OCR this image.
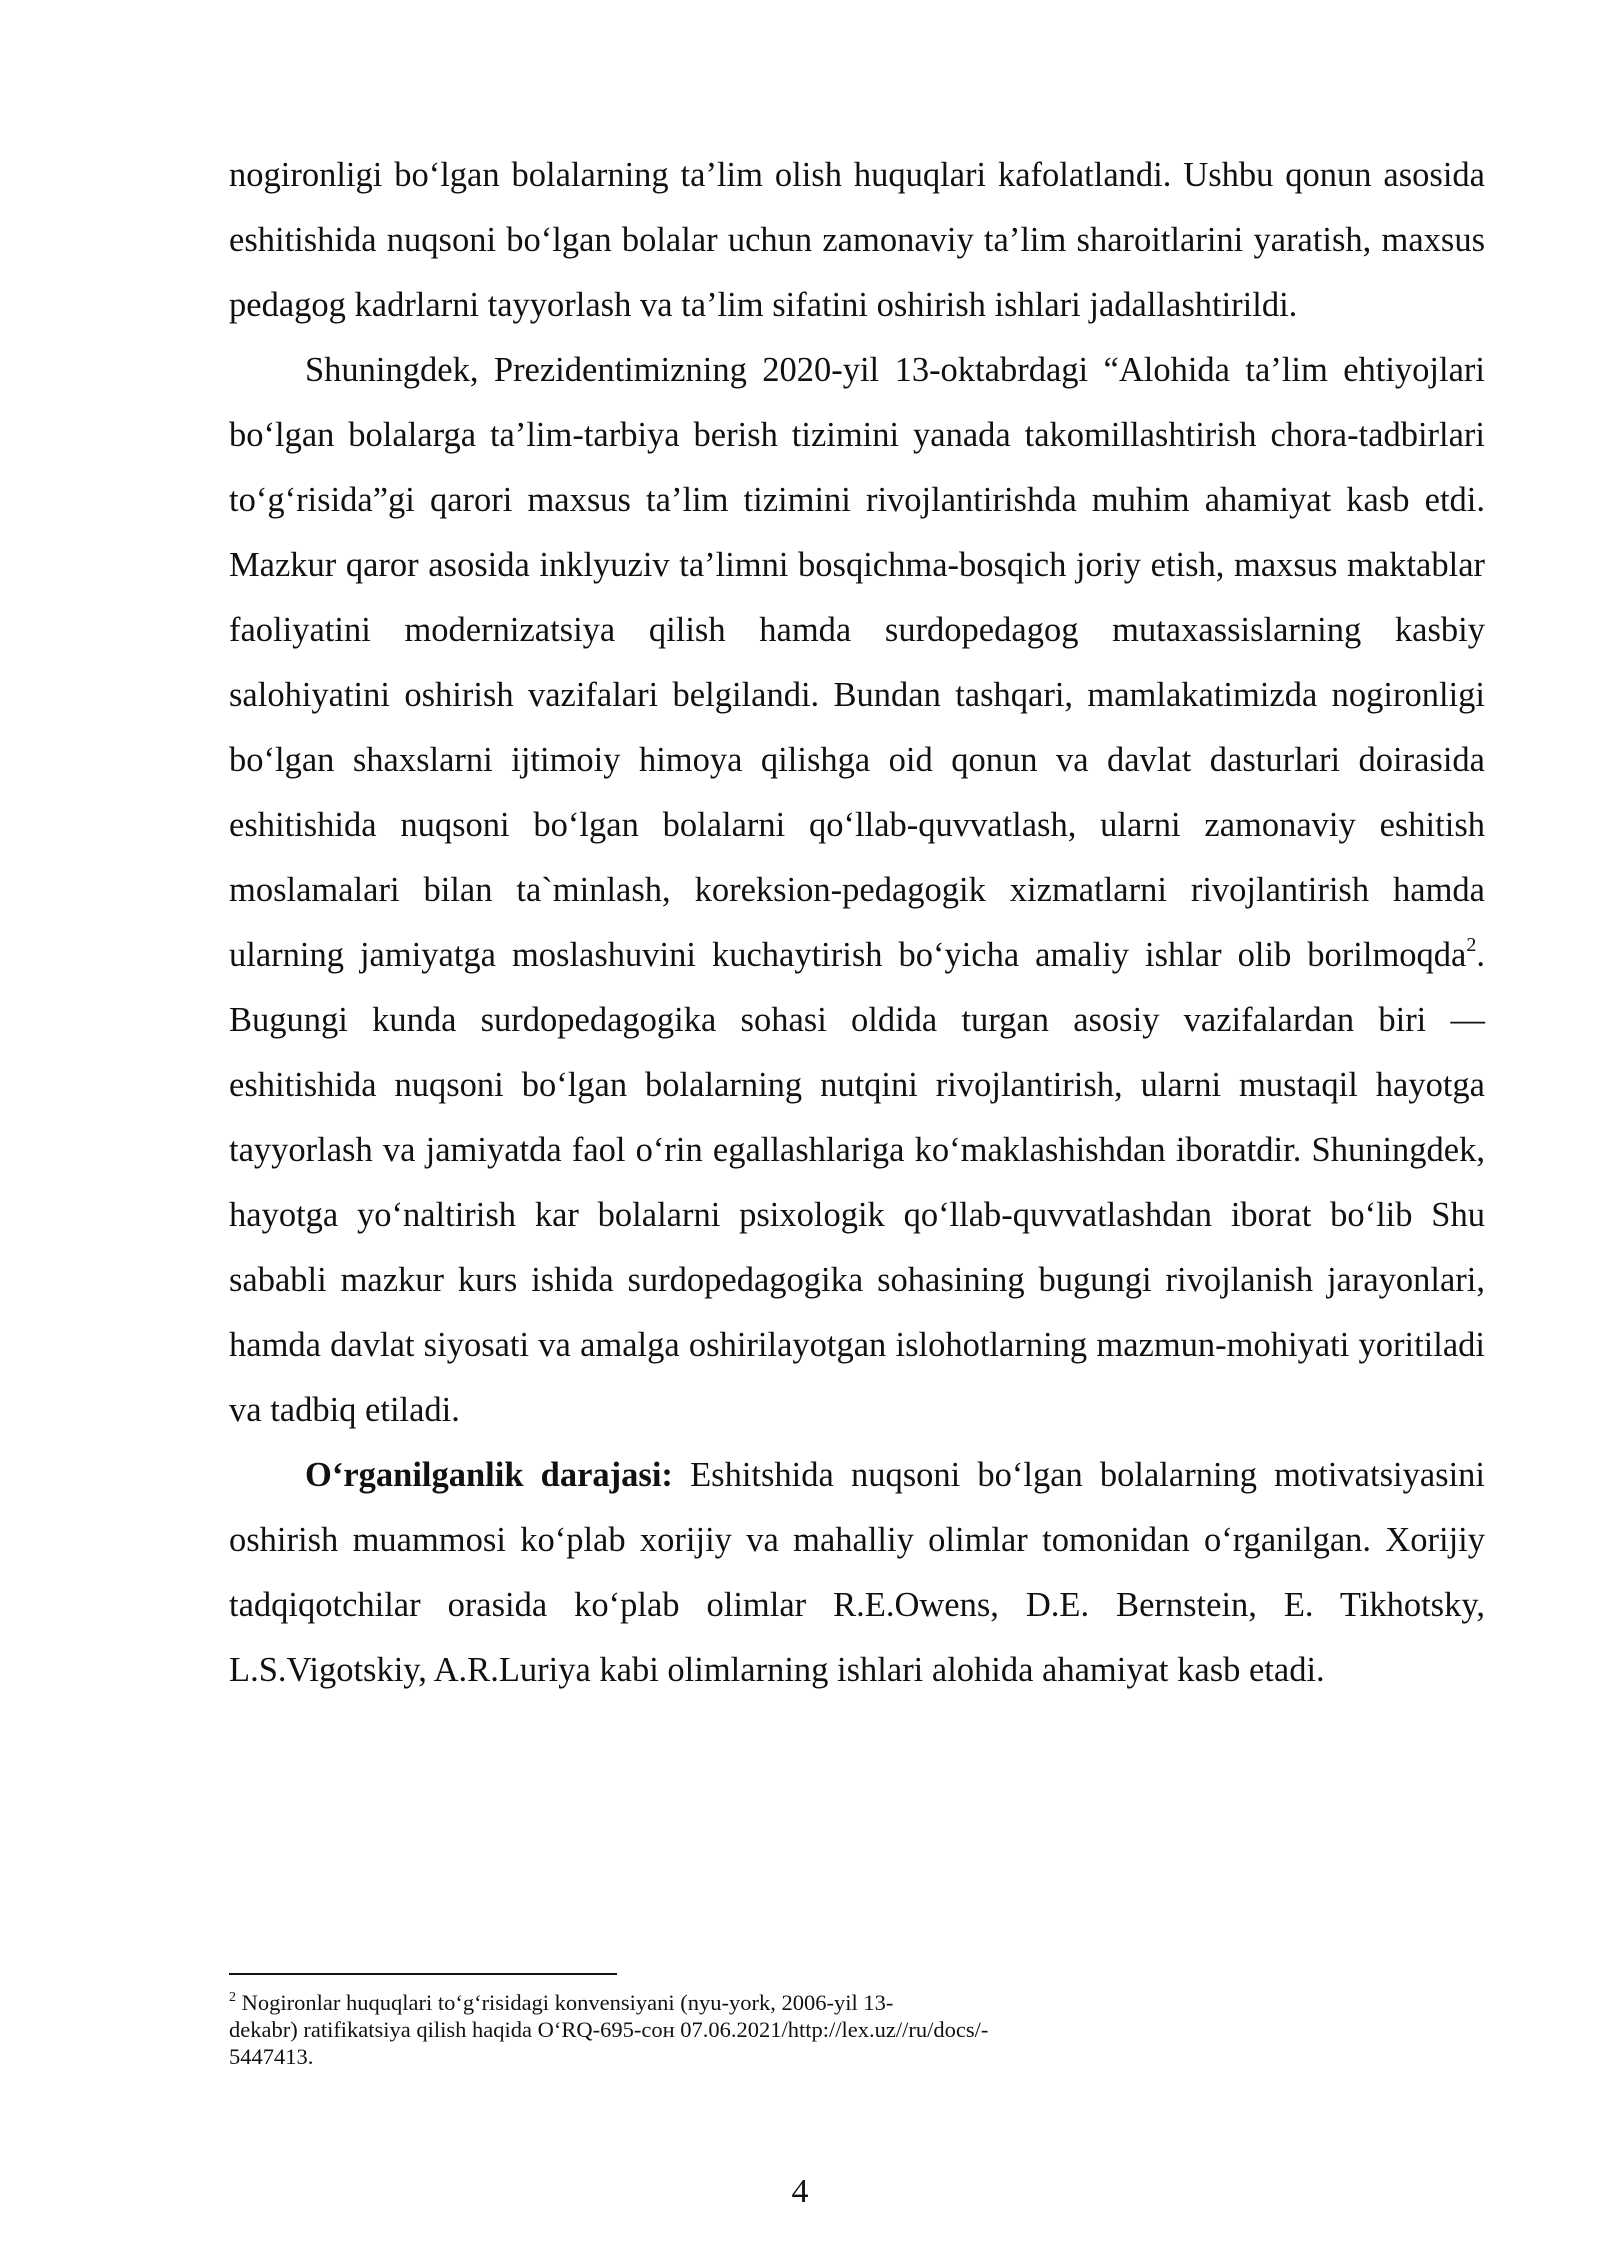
nogironligi bo‘lgan bolalarning ta’lim olish huquqlari kafolatlandi. Ushbu qonun asosida eshitishida nuqsoni bo‘lgan bolalar uchun zamonaviy ta’lim sharoitlarini yaratish, maxsus pedagog kadrlarni tayyorlash va ta’lim sifatini oshirish ishlari jadallashtirildi.

Shuningdek, Prezidentimizning 2020-yil 13-oktabrdagi “Alohida ta’lim ehtiyojlari bo‘lgan bolalarga ta’lim-tarbiya berish tizimini yanada takomillashtirish chora-tadbirlari to‘g‘risida”gi qarori maxsus ta’lim tizimini rivojlantirishda muhim ahamiyat kasb etdi. Mazkur qaror asosida inklyuziv ta’limni bosqichma-bosqich joriy etish, maxsus maktablar faoliyatini modernizatsiya qilish hamda surdopedagog mutaxassislarning kasbiy salohiyatini oshirish vazifalari belgilandi. Bundan tashqari, mamlakatimizda nogironligi bo‘lgan shaxslarni ijtimoiy himoya qilishga oid qonun va davlat dasturlari doirasida eshitishida nuqsoni bo‘lgan bolalarni qo‘llab-quvvatlash, ularni zamonaviy eshitish moslamalari bilan ta`minlash, koreksion-pedagogik xizmatlarni rivojlantirish hamda ularning jamiyatga moslashuvini kuchaytirish bo‘yicha amaliy ishlar olib borilmoqda$^2$. Bugungi kunda surdopedagogika sohasi oldida turgan asosiy vazifalardan biri — eshitishida nuqsoni bo‘lgan bolalarning nutqini rivojlantirish, ularni mustaqil hayotga tayyorlash va jamiyatda faol o‘rin egallashlariga ko‘maklashishdan iboratdir. Shuningdek, hayotga yo‘naltirish kar bolalarni psixologik qo‘llab-quvvatlashdan iborat bo‘lib Shu sababli mazkur kurs ishida surdopedagogika sohasining bugungi rivojlanish jarayonlari, hamda davlat siyosati va amalga oshirilayotgan islohotlarning mazmun-mohiyati yoritiladi va tadbiq etiladi.

O‘rganilganlik darajasi: Eshitshida nuqsoni bo‘lgan bolalarning motivatsiyasini oshirish muammosi ko‘plab xorijiy va mahalliy olimlar tomonidan o‘rganilgan. Xorijiy tadqiqotchilar orasida ko‘plab olimlar R.E.Owens, D.E. Bernstein, E. Tikhotsky, L.S.Vigotskiy, A.R.Luriya kabi olimlarning ishlari alohida ahamiyat kasb etadi.

$^2$ Nogironlar huquqlari to‘g‘risidagi konvensiyani (nyu-york, 2006-yil 13-

dekabr) ratifikatsiya qilish haqida O‘RQ-695-сон 07.06.2021/http://lex.uz//ru/docs/-

5447413.

4
